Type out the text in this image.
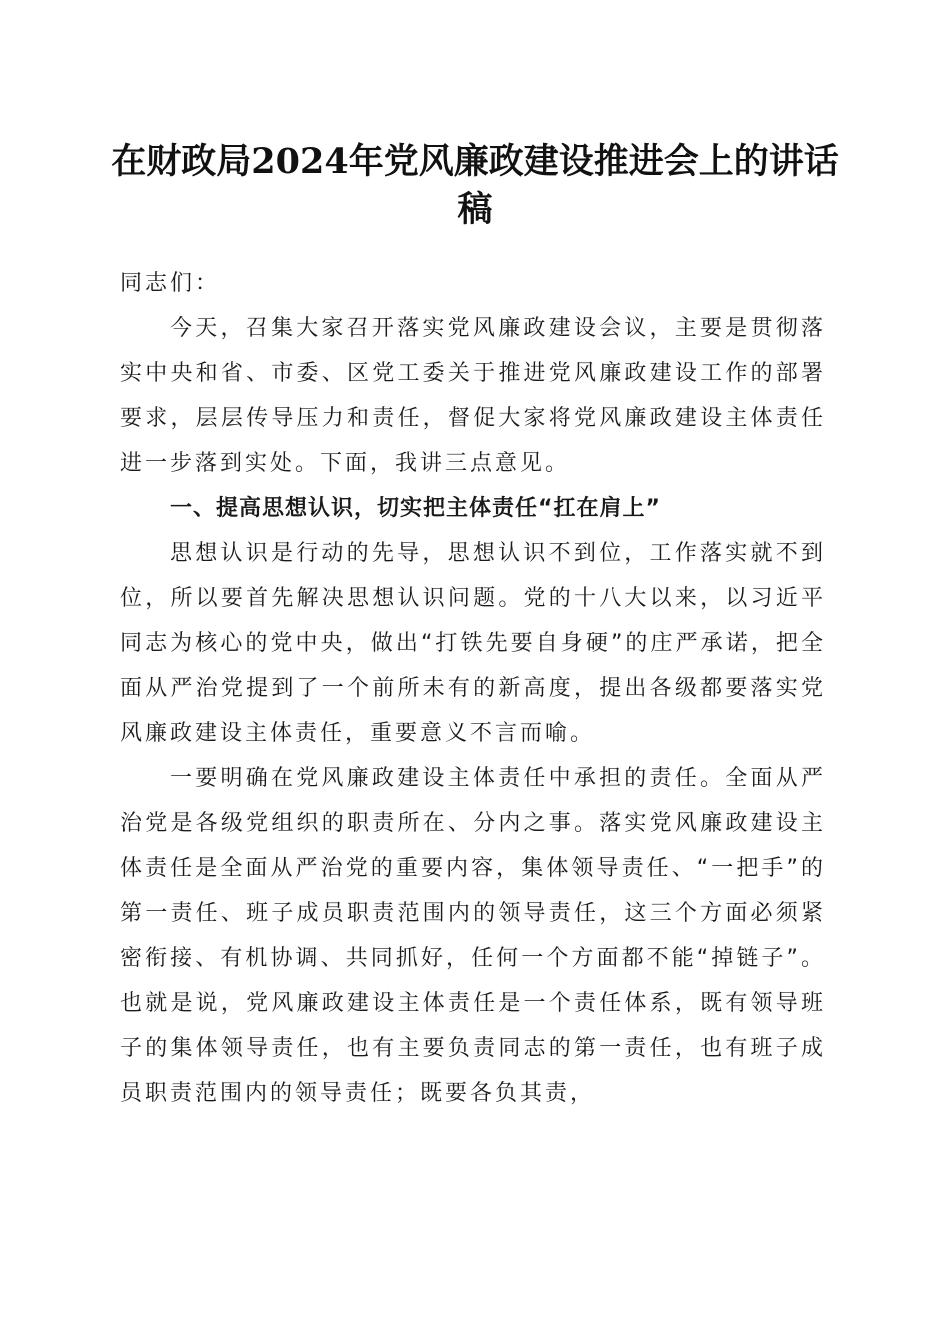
在财政局2024年党风廉政建设推进会上的讲话稿

同志们：

今天，召集大家召开落实党风廉政建设会议，主要是贯彻落实中央和省、市委、区党工委关于推进党风廉政建设工作的部署要求，层层传导压力和责任，督促大家将党风廉政建设主体责任进一步落到实处。下面，我讲三点意见。

一、提高思想认识，切实把主体责任“扛在肩上”

思想认识是行动的先导，思想认识不到位，工作落实就不到位，所以要首先解决思想认识问题。党的十八大以来，以习近平同志为核心的党中央，做出“打铁先要自身硬”的庄严承诺，把全面从严治党提到了一个前所未有的新高度，提出各级都要落实党风廉政建设主体责任，重要意义不言而喻。

一要明确在党风廉政建设主体责任中承担的责任。全面从严治党是各级党组织的职责所在、分内之事。落实党风廉政建设主体责任是全面从严治党的重要内容，集体领导责任、“一把手”的第一责任、班子成员职责范围内的领导责任，这三个方面必须紧密衔接、有机协调、共同抓好，任何一个方面都不能“掉链子”。也就是说，党风廉政建设主体责任是一个责任体系，既有领导班子的集体领导责任，也有主要负责同志的第一责任，也有班子成员职责范围内的领导责任；既要各负其责，
